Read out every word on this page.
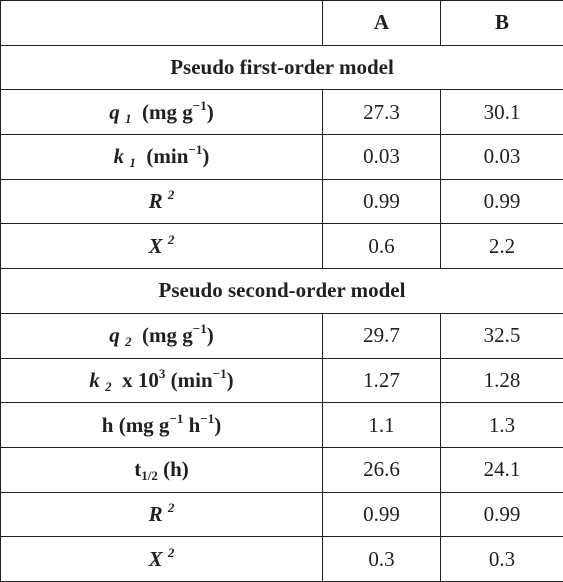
	A	B
Pseudo first-order model		
q $_1$ (mg $g^{-1}$)	27.3	30.1
k $_1$ $(\min^{-1})$	0.03	0.03
R $^2$	0.99	0.99
X $^2$	0.6	2.2
Pseudo second-order model		
q $_2$ (mg $g^{-1}$)	29.7	32.5
k $_2$ x $10^3$ $(\min^{-1})$	1.27	1.28
h (mg $g^{-1}$ $h^{-1}$)	1.1	1.3
$t_{1/2}$ (h)	26.6	24.1
R $^2$	0.99	0.99
X $^2$	0.3	0.3
